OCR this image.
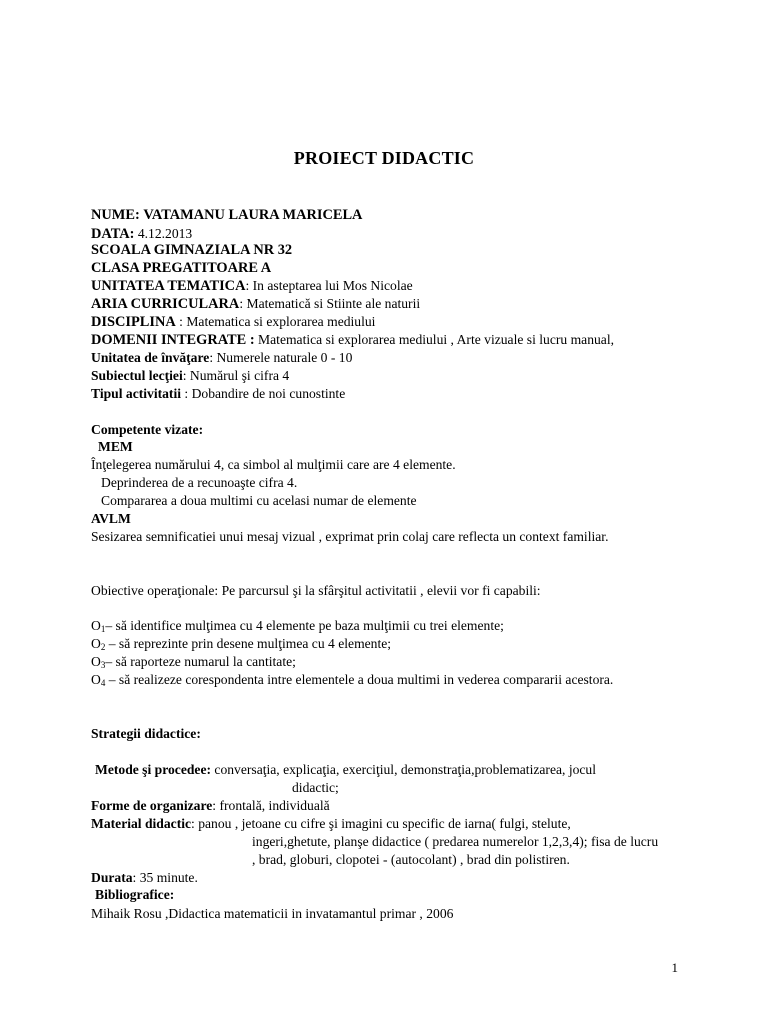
PROIECT DIDACTIC
NUME: VATAMANU LAURA MARICELA
DATA: 4.12.2013
SCOALA GIMNAZIALA NR 32
CLASA PREGATITOARE A
UNITATEA TEMATICA: In asteptarea lui Mos Nicolae
ARIA CURRICULARA: Matematică si Stiinte ale naturii
DISCIPLINA : Matematica si explorarea mediului
DOMENII INTEGRATE : Matematica si explorarea mediului , Arte vizuale si lucru manual,
Unitatea de învăţare: Numerele naturale 0 - 10
Subiectul lecţiei: Numărul şi cifra 4
Tipul activitatii : Dobandire de noi cunostinte
Competente vizate:
MEM
Înţelegerea numărului 4, ca simbol al mulţimii care are 4 elemente.
Deprinderea de a recunoaşte cifra 4.
Compararea a doua multimi cu acelasi numar de elemente
AVLM
Sesizarea semnificatiei unui mesaj vizual , exprimat prin colaj care reflecta un context familiar.
Obiective operaţionale: Pe parcursul şi la sfârşitul activitatii , elevii vor fi capabili:
$O_1-$ să identifice mulţimea cu 4 elemente pe baza mulţimii cu trei elemente;
$O_2$ – să reprezinte prin desene mulţimea cu 4 elemente;
$O_3-$ să raporteze numarul la cantitate;
$O_4$ – să realizeze corespondenta intre elementele a doua multimi in vederea compararii acestora.
Strategii didactice:
Metode şi procedee: conversaţia, explicaţia, exerciţiul, demonstraţia,problematizarea, jocul
didactic;
Forme de organizare: frontală, individuală
Material didactic: panou , jetoane cu cifre şi imagini cu specific de iarna( fulgi, stelute,
ingeri,ghetute, planşe didactice ( predarea numerelor 1,2,3,4); fisa de lucru
, brad, globuri, clopotei - (autocolant) , brad din polistiren.
Durata: 35 minute.
Bibliografice:
Mihaik Rosu ,Didactica matematicii in invatamantul primar , 2006
1
